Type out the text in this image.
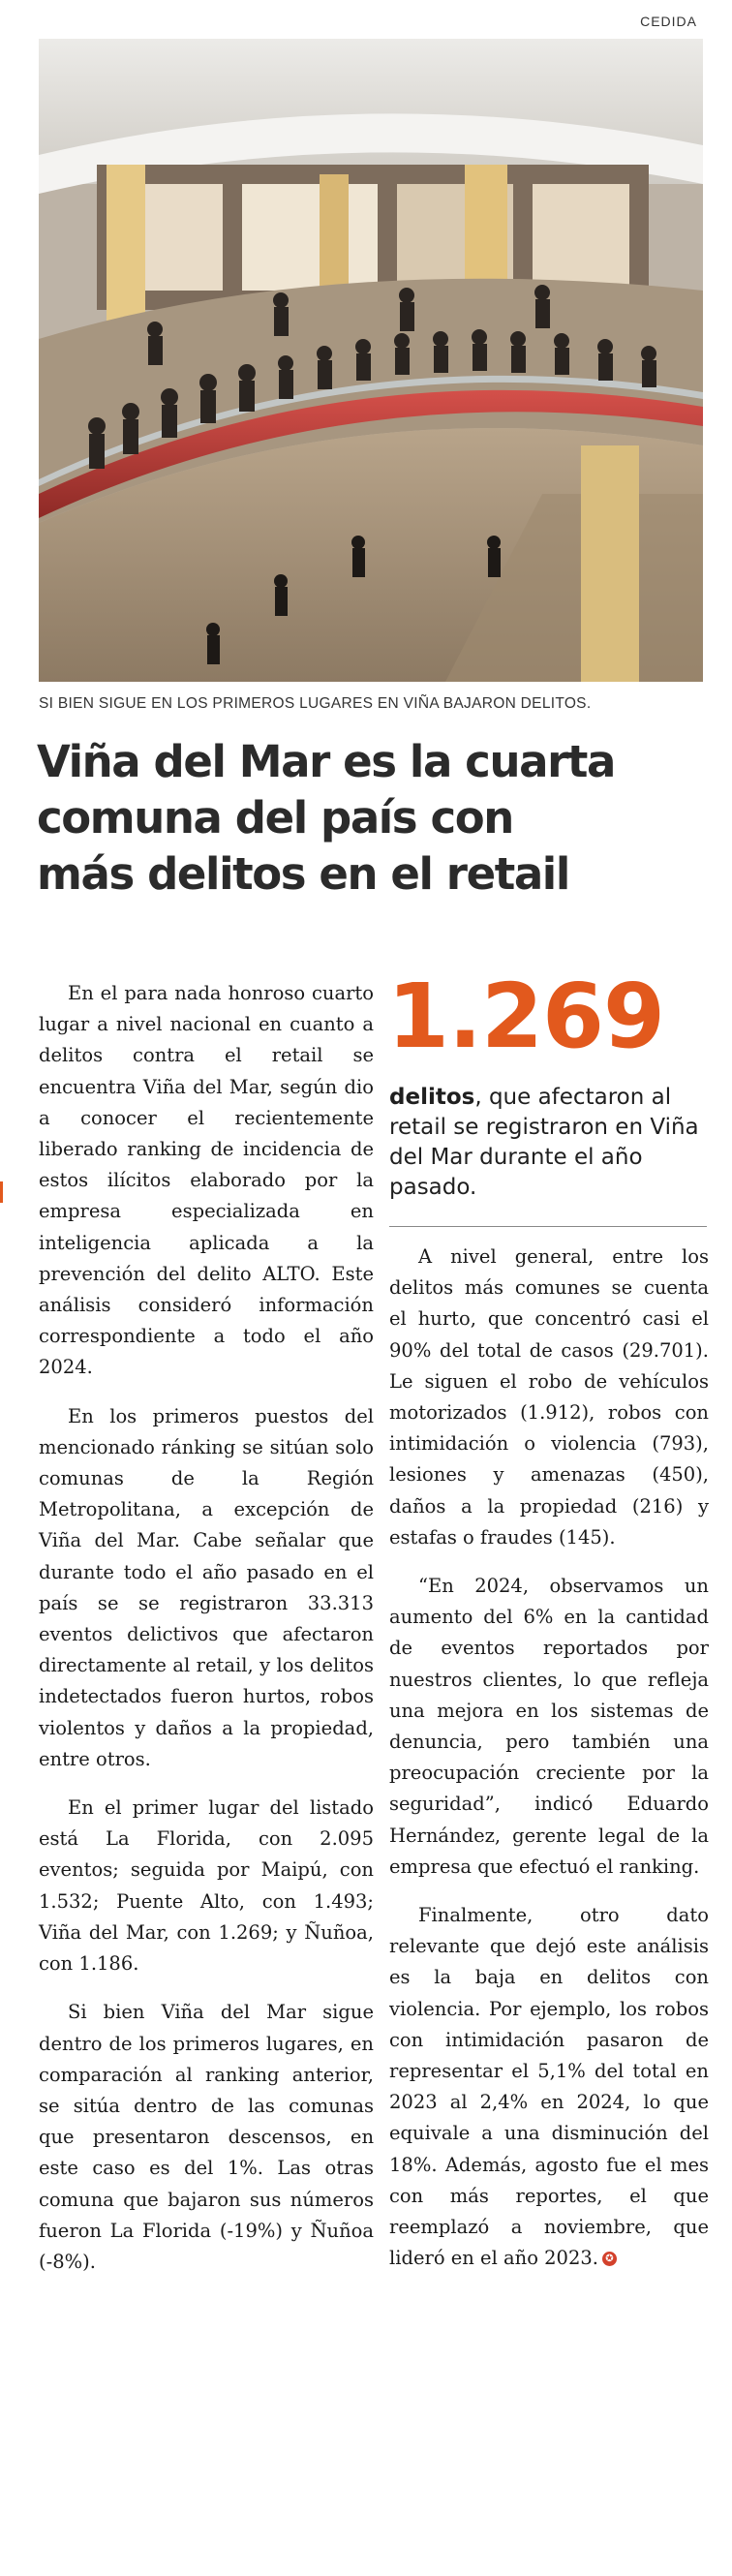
CEDIDA
SI BIEN SIGUE EN LOS PRIMEROS LUGARES EN VIÑA BAJARON DELITOS.
Viña del Mar es la cuarta
comuna del país con
más delitos en el retail
1.269
delitos, que afectaron al retail se registraron en Viña del Mar durante el año pasado.

En el para nada honroso cuarto lugar a nivel nacional en cuanto a delitos contra el retail se encuentra Viña del Mar, según dio a conocer el recientemente liberado ranking de incidencia de estos ilícitos elaborado por la empresa especializada en inteligencia aplicada a la prevención del delito ALTO. Este análisis consideró información correspondiente a todo el año 2024.

En los primeros puestos del mencionado ránking se sitúan solo comunas de la Región Metropolitana, a excepción de Viña del Mar. Cabe señalar que durante todo el año pasado en el país se se registraron 33.313 eventos delictivos que afectaron directamente al retail, y los delitos indetectados fueron hurtos, robos violentos y daños a la propiedad, entre otros.

En el primer lugar del listado está La Florida, con 2.095 eventos; seguida por Maipú, con 1.532; Puente Alto, con 1.493; Viña del Mar, con 1.269; y Ñuñoa, con 1.186.

Si bien Viña del Mar sigue dentro de los primeros lugares, en comparación al ranking anterior, se sitúa dentro de las comunas que presentaron descensos, en este caso es del 1%. Las otras comuna que bajaron sus números fueron La Florida (-19%) y Ñuñoa (-8%).

A nivel general, entre los delitos más comunes se cuenta el hurto, que concentró casi el 90% del total de casos (29.701). Le siguen el robo de vehículos motorizados (1.912), robos con intimidación o violencia (793), lesiones y amenazas (450), daños a la propiedad (216) y estafas o fraudes (145).

“En 2024, observamos un aumento del 6% en la cantidad de eventos reportados por nuestros clientes, lo que refleja una mejora en los sistemas de denuncia, pero también una preocupación creciente por la seguridad”, indicó Eduardo Hernández, gerente legal de la empresa que efectuó el ranking.

Finalmente, otro dato relevante que dejó este análisis es la baja en delitos con violencia. Por ejemplo, los robos con intimidación pasaron de representar el 5,1% del total en 2023 al 2,4% en 2024, lo que equivale a una disminución del 18%. Además, agosto fue el mes con más reportes, el que reemplazó a noviembre, que lideró en el año 2023. ✪
